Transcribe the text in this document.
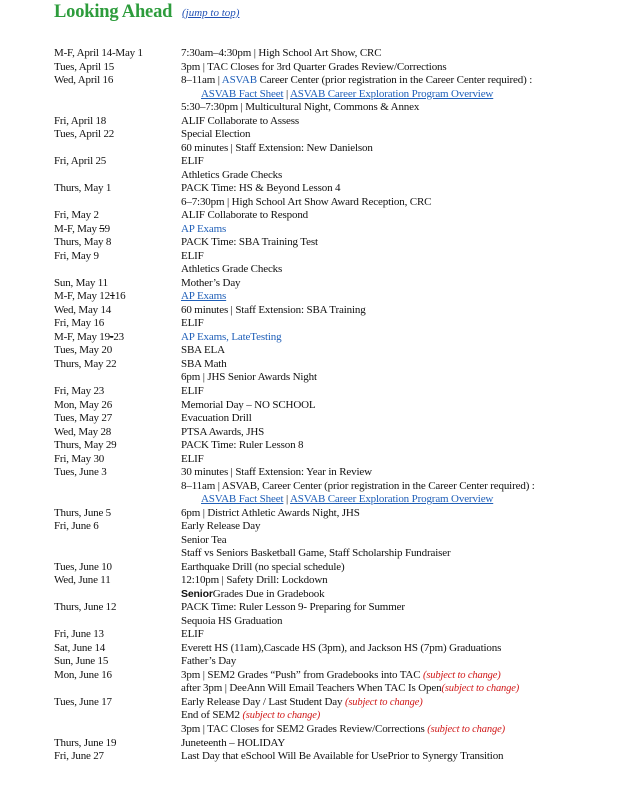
Looking Ahead (jump to top)
M-F, April 14-May 1	7:30am–4:30pm | High School Art Show, CRC
Tues, April 15	3pm | TAC Closes for 3rd Quarter Grades Review/Corrections
Wed, April 16	8–11am | ASVAB Career Center (prior registration in the Career Center required) :
ASVAB Fact Sheet | ASVAB Career Exploration Program Overview
5:30–7:30pm | Multicultural Night, Commons & Annex
Fri, April 18	ALIF Collaborate to Assess
Tues, April 22	Special Election
60 minutes | Staff Extension: New Danielson
Fri, April 25	ELIF
Athletics Grade Checks
Thurs, May 1	PACK Time: HS & Beyond Lesson 4
6–7:30pm | High School Art Show Award Reception, CRC
Fri, May 2	ALIF Collaborate to Respond
M-F, May 59	AP Exams
Thurs, May 8	PACK Time: SBA Training Test
Fri, May 9	ELIF
Athletics Grade Checks
Sun, May 11	Mother’s Day
M-F, May 12116	AP Exams
Wed, May 14	60 minutes | Staff Extension: SBA Training
Fri, May 16	ELIF
M-F, May 19-23	AP Exams, LateTesting
Tues, May 20	SBA ELA
Thurs, May 22	SBA Math
6pm | JHS Senior Awards Night
Fri, May 23	ELIF
Mon, May 26	Memorial Day – NO SCHOOL
Tues, May 27	Evacuation Drill
Wed, May 28	PTSA Awards, JHS
Thurs, May 29	PACK Time: Ruler Lesson 8
Fri, May 30	ELIF
Tues, June 3	30 minutes | Staff Extension: Year in Review
8–11am | ASVAB, Career Center (prior registration in the Career Center required) :
ASVAB Fact Sheet | ASVAB Career Exploration Program Overview
Thurs, June 5	6pm | District Athletic Awards Night, JHS
Fri, June 6	Early Release Day
Senior Tea
Staff vs Seniors Basketball Game, Staff Scholarship Fundraiser
Tues, June 10	Earthquake Drill (no special schedule)
Wed, June 11	12:10pm | Safety Drill: Lockdown
SeniorGrades Due in Gradebook
Thurs, June 12	PACK Time: Ruler Lesson 9- Preparing for Summer
Sequoia HS Graduation
Fri, June 13	ELIF
Sat, June 14	Everett HS (11am),Cascade HS (3pm), and Jackson HS (7pm) Graduations
Sun, June 15	Father’s Day
Mon, June 16	3pm | SEM2 Grades “Push” from Gradebooks into TAC (subject to change)
after 3pm | DeeAnn Will Email Teachers When TAC Is Open(subject to change)
Tues, June 17	Early Release Day / Last Student Day (subject to change)
End of SEM2 (subject to change)
3pm | TAC Closes for SEM2 Grades Review/Corrections (subject to change)
Thurs, June 19	Juneteenth – HOLIDAY
Fri, June 27	Last Day that eSchool Will Be Available for UsePrior to Synergy Transition
